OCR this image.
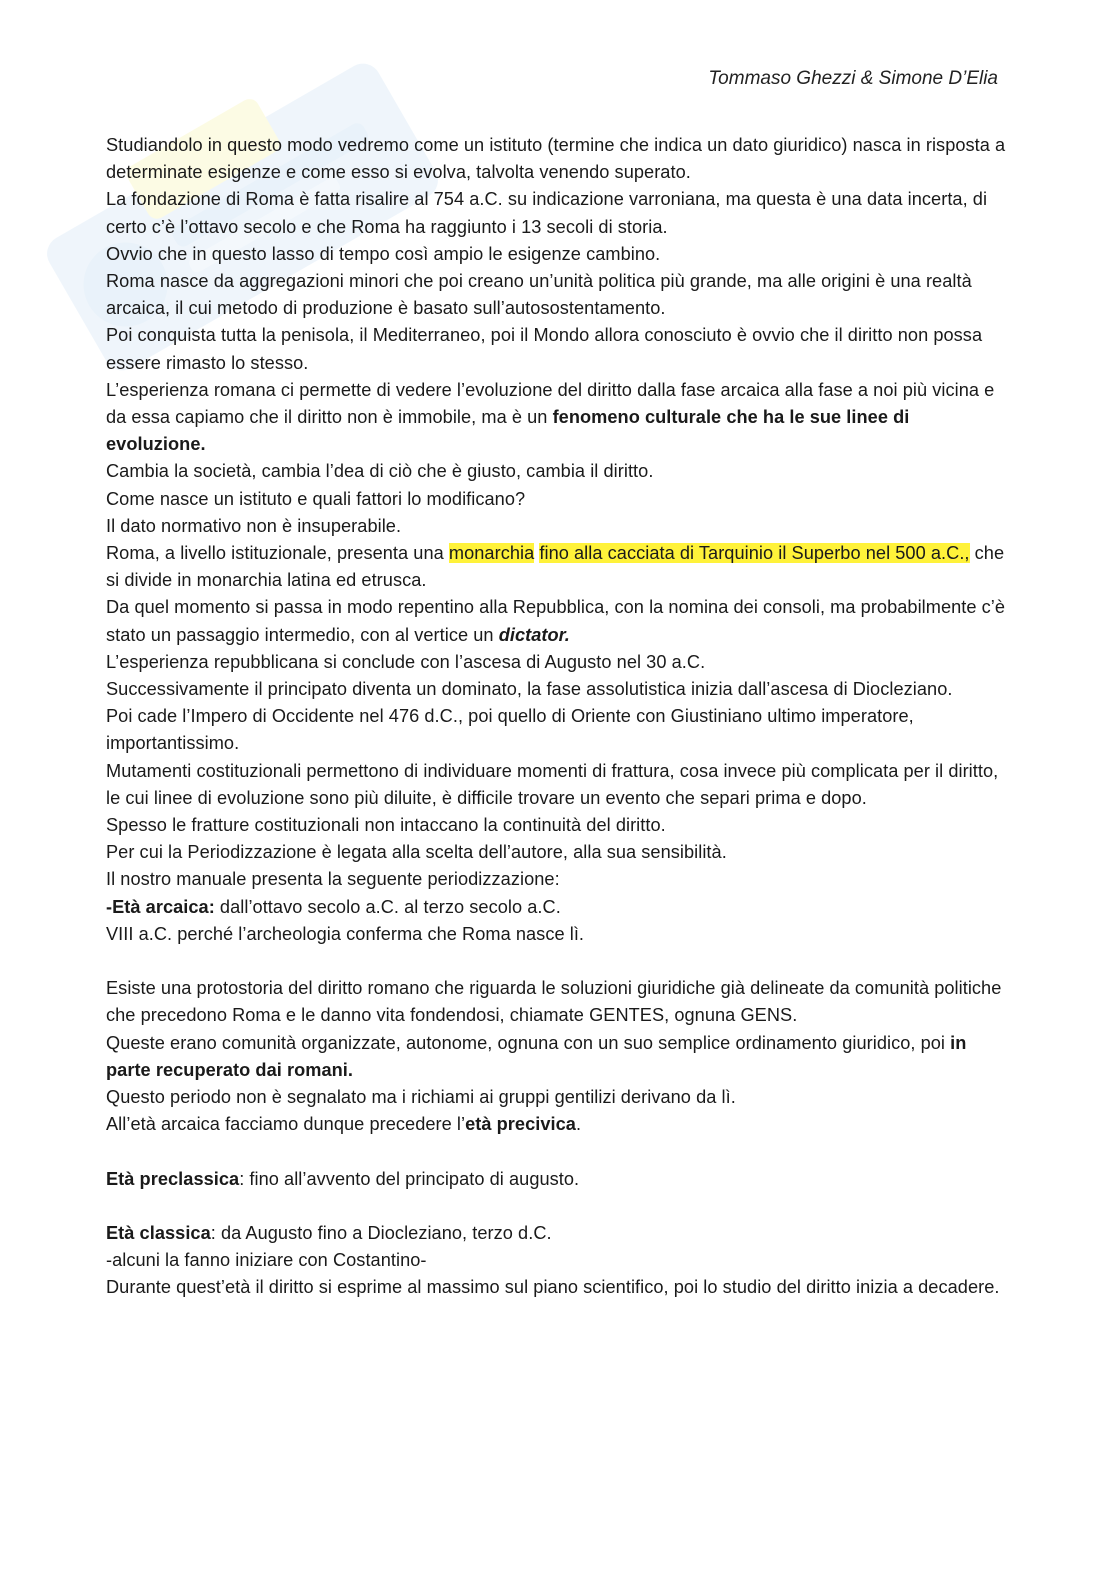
Tommaso Ghezzi & Simone D’Elia

Studiandolo in questo modo vedremo come un istituto (termine che indica un dato giuridico) nasca in risposta a determinate esigenze e come esso si evolva, talvolta venendo superato.

La fondazione di Roma è fatta risalire al 754 a.C. su indicazione varroniana, ma questa è una data incerta, di certo c’è l’ottavo secolo e che Roma ha raggiunto i 13 secoli di storia.

Ovvio che in questo lasso di tempo così ampio le esigenze cambino.

Roma nasce da aggregazioni minori che poi creano un’unità politica più grande, ma alle origini è una realtà arcaica, il cui metodo di produzione è basato sull’autosostentamento.

Poi conquista tutta la penisola, il Mediterraneo, poi il Mondo allora conosciuto è ovvio che il diritto non possa essere rimasto lo stesso.

L’esperienza romana ci permette di vedere l’evoluzione del diritto dalla fase arcaica alla fase a noi più vicina e da essa capiamo che il diritto non è immobile, ma è un fenomeno culturale che ha le sue linee di evoluzione.

Cambia la società, cambia l’dea di ciò che è giusto, cambia il diritto.

Come nasce un istituto e quali fattori lo modificano?

Il dato normativo non è insuperabile.

Roma, a livello istituzionale, presenta una monarchia fino alla cacciata di Tarquinio il Superbo nel 500 a.C., che si divide in monarchia latina ed etrusca.

Da quel momento si passa in modo repentino alla Repubblica, con la nomina dei consoli, ma probabilmente c’è stato un passaggio intermedio, con al vertice un dictator.

L’esperienza repubblicana si conclude con l’ascesa di Augusto nel 30 a.C.

Successivamente il principato diventa un dominato, la fase assolutistica inizia dall’ascesa di Diocleziano.

Poi cade l’Impero di Occidente nel 476 d.C., poi quello di Oriente con Giustiniano ultimo imperatore, importantissimo.

Mutamenti costituzionali permettono di individuare momenti di frattura, cosa invece più complicata per il diritto, le cui linee di evoluzione sono più diluite, è difficile trovare un evento che separi prima e dopo.

Spesso le fratture costituzionali non intaccano la continuità del diritto.

Per cui la Periodizzazione è legata alla scelta dell’autore, alla sua sensibilità.

Il nostro manuale presenta la seguente periodizzazione:

-Età arcaica: dall’ottavo secolo a.C. al terzo secolo a.C.

VIII a.C. perché l’archeologia conferma che Roma nasce lì.

Esiste una protostoria del diritto romano che riguarda le soluzioni giuridiche già delineate da comunità politiche che precedono Roma e le danno vita fondendosi, chiamate GENTES, ognuna GENS.

Queste erano comunità organizzate, autonome, ognuna con un suo semplice ordinamento giuridico, poi in parte recuperato dai romani.

Questo periodo non è segnalato ma i richiami ai gruppi gentilizi derivano da lì.

All’età arcaica facciamo dunque precedere l’età precivica.

Età preclassica: fino all’avvento del principato di augusto.

Età classica: da Augusto fino a Diocleziano, terzo d.C.

-alcuni la fanno iniziare con Costantino-

Durante quest’età il diritto si esprime al massimo sul piano scientifico, poi lo studio del diritto inizia a decadere.
